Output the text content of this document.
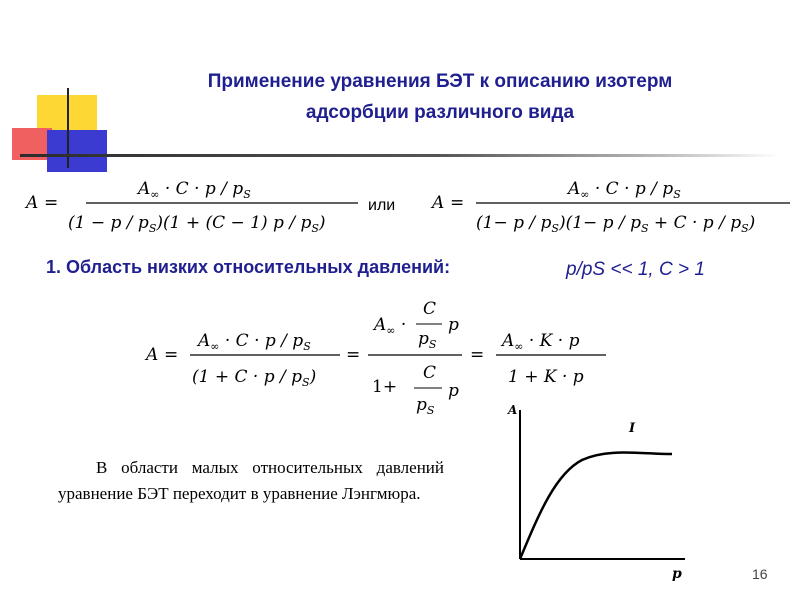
Применение уравнения БЭТ к описанию изотерм
адсорбции различного вида
A =
$A_\infty \cdot C \cdot p / p_S$
$(1 - p / p_S)(1 + (C - 1)$ p / $p_S$)
или A =
$A_\infty \cdot C \cdot p / p_S$
$(1- p / p_S)(1- p / p_S + C \cdot p / p_S)$
1. Область низких относительных давлений:	p/pS << 1, C > 1
A =
$A_\infty \cdot C \cdot p / p_S$
$(1 + C \cdot p / p_S)$
=
$A_\infty$ ·
C
$p_S$
p
1+
C
$p_S$
p
=
$A_\infty \cdot K \cdot p$
1 + K · p
В области малых относительных давлений уравнение БЭТ переходит в уравнение Лэнгмюра.
A
p
I
16
